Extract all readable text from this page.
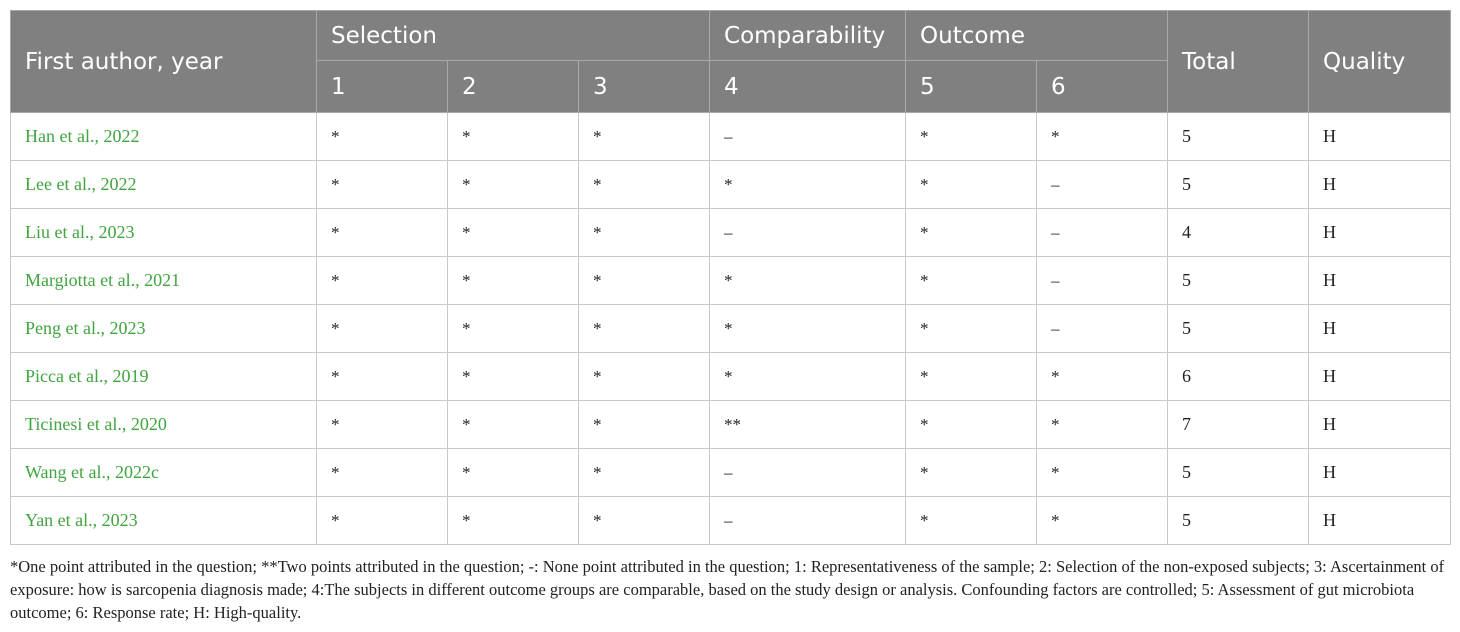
First author, year	Selection			Comparability	Outcome		Total	Quality
	1	2	3	4	5	6		
Han et al., 2022	*	*	*	–	*	*	5	H
Lee et al., 2022	*	*	*	*	*	–	5	H
Liu et al., 2023	*	*	*	–	*	–	4	H
Margiotta et al., 2021	*	*	*	*	*	–	5	H
Peng et al., 2023	*	*	*	*	*	–	5	H
Picca et al., 2019	*	*	*	*	*	*	6	H
Ticinesi et al., 2020	*	*	*	**	*	*	7	H
Wang et al., 2022c	*	*	*	–	*	*	5	H
Yan et al., 2023	*	*	*	–	*	*	5	H
*One point attributed in the question; **Two points attributed in the question; -: None point attributed in the question; 1: Representativeness of the sample; 2: Selection of the non-exposed subjects; 3: Ascertainment of exposure: how is sarcopenia diagnosis made; 4:The subjects in different outcome groups are comparable, based on the study design or analysis. Confounding factors are controlled; 5: Assessment of gut microbiota outcome; 6: Response rate; H: High-quality.
